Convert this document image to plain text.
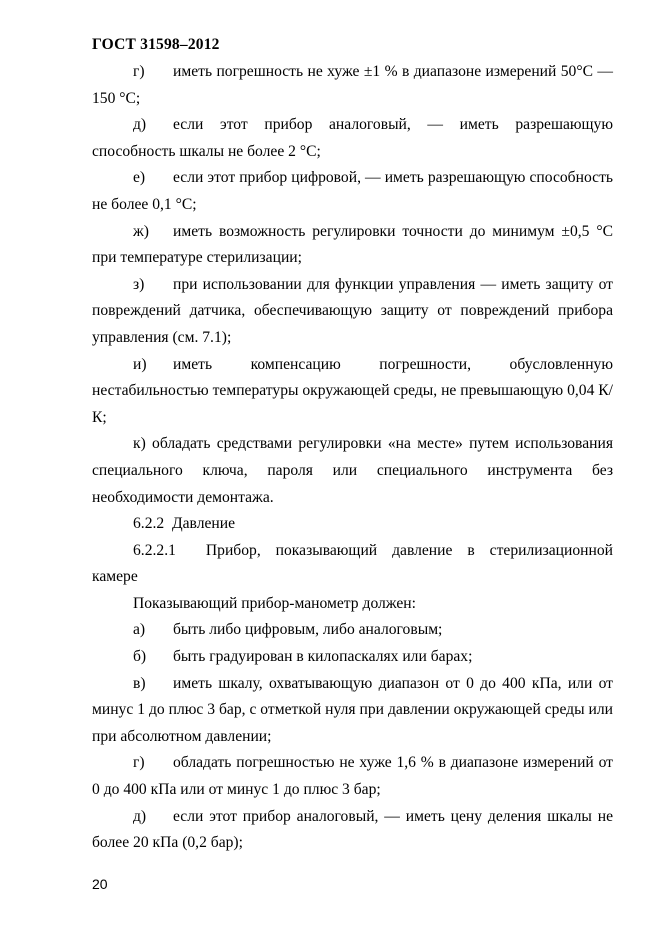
ГОСТ 31598–2012

г) иметь погрешность не хуже ±1 % в диапазоне измерений 50°С —150 °С;

д) если этот прибор аналоговый, — иметь разрешающую способность шкалы не более 2 °С;

е) если этот прибор цифровой, — иметь разрешающую способность не более 0,1 °С;

ж) иметь возможность регулировки точности до минимум ±0,5 °С при температуре стерилизации;

з) при использовании для функции управления — иметь защиту от повреждений датчика, обеспечивающую защиту от повреждений прибора управления (см. 7.1);

и) иметь компенсацию погрешности, обусловленную нестабильностью температуры окружающей среды, не превышающую 0,04 К/К;

к) обладать средствами регулировки «на месте» путем использования специального ключа, пароля или специального инструмента без необходимости демонтажа.

6.2.2 Давление

6.2.2.1 Прибор, показывающий давление в стерилизационной камере

Показывающий прибор-манометр должен:

а) быть либо цифровым, либо аналоговым;

б) быть градуирован в килопаскалях или барах;

в) иметь шкалу, охватывающую диапазон от 0 до 400 кПа, или от минус 1 до плюс 3 бар, с отметкой нуля при давлении окружающей среды или при абсолютном давлении;

г) обладать погрешностью не хуже 1,6 % в диапазоне измерений от 0 до 400 кПа или от минус 1 до плюс 3 бар;

д) если этот прибор аналоговый, — иметь цену деления шкалы не более 20 кПа (0,2 бар);

20
